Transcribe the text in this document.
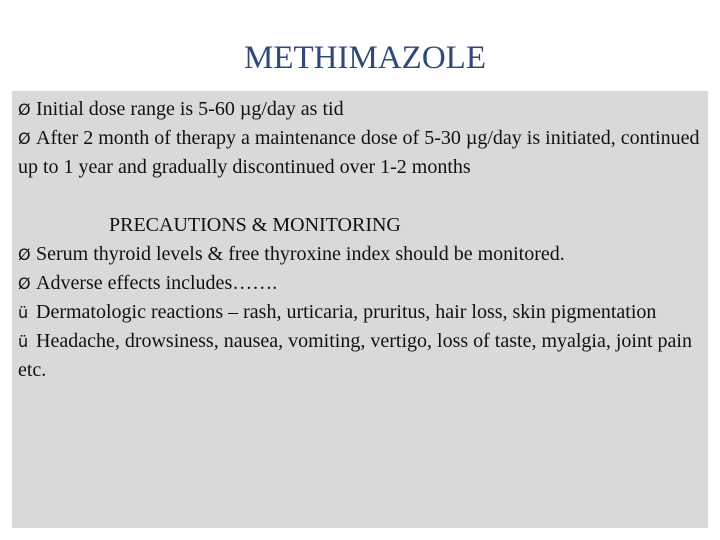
METHIMAZOLE

Ø Initial dose range is 5-60 µg/day as tid

Ø After 2 month of therapy a maintenance dose of 5-30 µg/day is initiated, continued up to 1 year and gradually discontinued over 1-2 months

PRECAUTIONS & MONITORING

Ø Serum thyroid levels & free thyroxine index should be monitored.

Ø Adverse effects includes…….

ü Dermatologic reactions – rash, urticaria, pruritus, hair loss, skin pigmentation

ü Headache, drowsiness, nausea, vomiting, vertigo, loss of taste, myalgia, joint pain etc.
